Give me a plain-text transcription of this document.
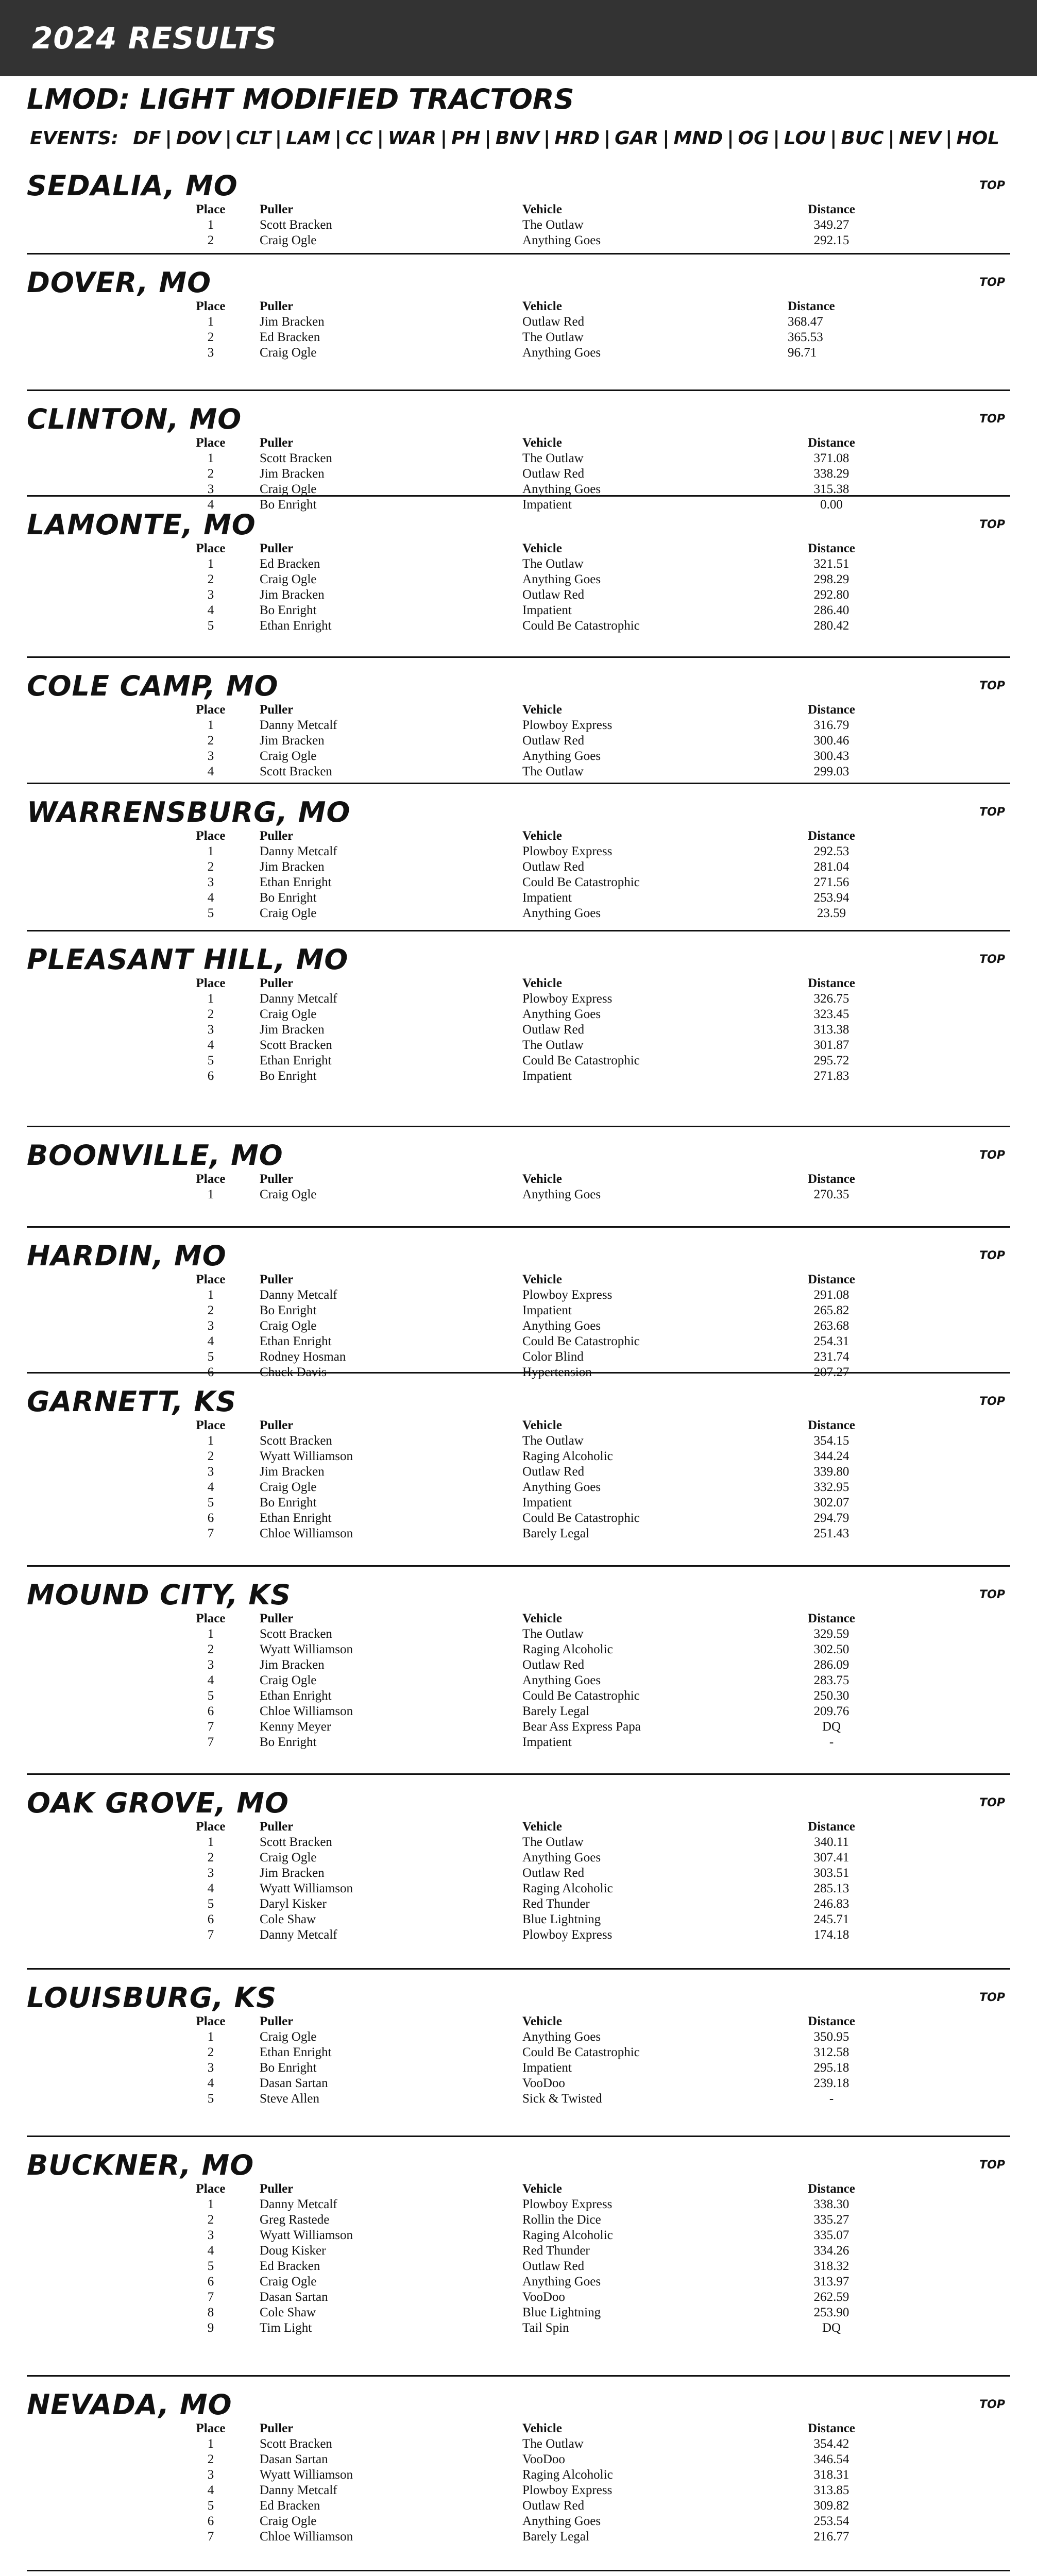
2024 RESULTS
LMOD: LIGHT MODIFIED TRACTORS
EVENTS: DF | DOV | CLT | LAM | CC | WAR | PH | BNV | HRD | GAR | MND | OG | LOU | BUC | NEV | HOL
SEDALIA, MO	TOP
Place	Puller	Vehicle	Distance
1	Scott Bracken	The Outlaw	349.27
2	Craig Ogle	Anything Goes	292.15
DOVER, MO	TOP
Place	Puller	Vehicle	Distance
1	Jim Bracken	Outlaw Red	368.47
2	Ed Bracken	The Outlaw	365.53
3	Craig Ogle	Anything Goes	96.71
CLINTON, MO	TOP
Place	Puller	Vehicle	Distance
1	Scott Bracken	The Outlaw	371.08
2	Jim Bracken	Outlaw Red	338.29
3	Craig Ogle	Anything Goes	315.38
4	Bo Enright	Impatient	0.00
LAMONTE, MO	TOP
Place	Puller	Vehicle	Distance
1	Ed Bracken	The Outlaw	321.51
2	Craig Ogle	Anything Goes	298.29
3	Jim Bracken	Outlaw Red	292.80
4	Bo Enright	Impatient	286.40
5	Ethan Enright	Could Be Catastrophic	280.42
COLE CAMP, MO	TOP
Place	Puller	Vehicle	Distance
1	Danny Metcalf	Plowboy Express	316.79
2	Jim Bracken	Outlaw Red	300.46
3	Craig Ogle	Anything Goes	300.43
4	Scott Bracken	The Outlaw	299.03
WARRENSBURG, MO	TOP
Place	Puller	Vehicle	Distance
1	Danny Metcalf	Plowboy Express	292.53
2	Jim Bracken	Outlaw Red	281.04
3	Ethan Enright	Could Be Catastrophic	271.56
4	Bo Enright	Impatient	253.94
5	Craig Ogle	Anything Goes	23.59
PLEASANT HILL, MO	TOP
Place	Puller	Vehicle	Distance
1	Danny Metcalf	Plowboy Express	326.75
2	Craig Ogle	Anything Goes	323.45
3	Jim Bracken	Outlaw Red	313.38
4	Scott Bracken	The Outlaw	301.87
5	Ethan Enright	Could Be Catastrophic	295.72
6	Bo Enright	Impatient	271.83
BOONVILLE, MO	TOP
Place	Puller	Vehicle	Distance
1	Craig Ogle	Anything Goes	270.35
HARDIN, MO	TOP
Place	Puller	Vehicle	Distance
1	Danny Metcalf	Plowboy Express	291.08
2	Bo Enright	Impatient	265.82
3	Craig Ogle	Anything Goes	263.68
4	Ethan Enright	Could Be Catastrophic	254.31
5	Rodney Hosman	Color Blind	231.74
6	Chuck Davis	Hypertension	207.27
GARNETT, KS	TOP
Place	Puller	Vehicle	Distance
1	Scott Bracken	The Outlaw	354.15
2	Wyatt Williamson	Raging Alcoholic	344.24
3	Jim Bracken	Outlaw Red	339.80
4	Craig Ogle	Anything Goes	332.95
5	Bo Enright	Impatient	302.07
6	Ethan Enright	Could Be Catastrophic	294.79
7	Chloe Williamson	Barely Legal	251.43
MOUND CITY, KS	TOP
Place	Puller	Vehicle	Distance
1	Scott Bracken	The Outlaw	329.59
2	Wyatt Williamson	Raging Alcoholic	302.50
3	Jim Bracken	Outlaw Red	286.09
4	Craig Ogle	Anything Goes	283.75
5	Ethan Enright	Could Be Catastrophic	250.30
6	Chloe Williamson	Barely Legal	209.76
7	Kenny Meyer	Bear Ass Express Papa	DQ
7	Bo Enright	Impatient	-
OAK GROVE, MO	TOP
Place	Puller	Vehicle	Distance
1	Scott Bracken	The Outlaw	340.11
2	Craig Ogle	Anything Goes	307.41
3	Jim Bracken	Outlaw Red	303.51
4	Wyatt Williamson	Raging Alcoholic	285.13
5	Daryl Kisker	Red Thunder	246.83
6	Cole Shaw	Blue Lightning	245.71
7	Danny Metcalf	Plowboy Express	174.18
LOUISBURG, KS	TOP
Place	Puller	Vehicle	Distance
1	Craig Ogle	Anything Goes	350.95
2	Ethan Enright	Could Be Catastrophic	312.58
3	Bo Enright	Impatient	295.18
4	Dasan Sartan	VooDoo	239.18
5	Steve Allen	Sick & Twisted	-
BUCKNER, MO	TOP
Place	Puller	Vehicle	Distance
1	Danny Metcalf	Plowboy Express	338.30
2	Greg Rastede	Rollin the Dice	335.27
3	Wyatt Williamson	Raging Alcoholic	335.07
4	Doug Kisker	Red Thunder	334.26
5	Ed Bracken	Outlaw Red	318.32
6	Craig Ogle	Anything Goes	313.97
7	Dasan Sartan	VooDoo	262.59
8	Cole Shaw	Blue Lightning	253.90
9	Tim Light	Tail Spin	DQ
NEVADA, MO	TOP
Place	Puller	Vehicle	Distance
1	Scott Bracken	The Outlaw	354.42
2	Dasan Sartan	VooDoo	346.54
3	Wyatt Williamson	Raging Alcoholic	318.31
4	Danny Metcalf	Plowboy Express	313.85
5	Ed Bracken	Outlaw Red	309.82
6	Craig Ogle	Anything Goes	253.54
7	Chloe Williamson	Barely Legal	216.77
